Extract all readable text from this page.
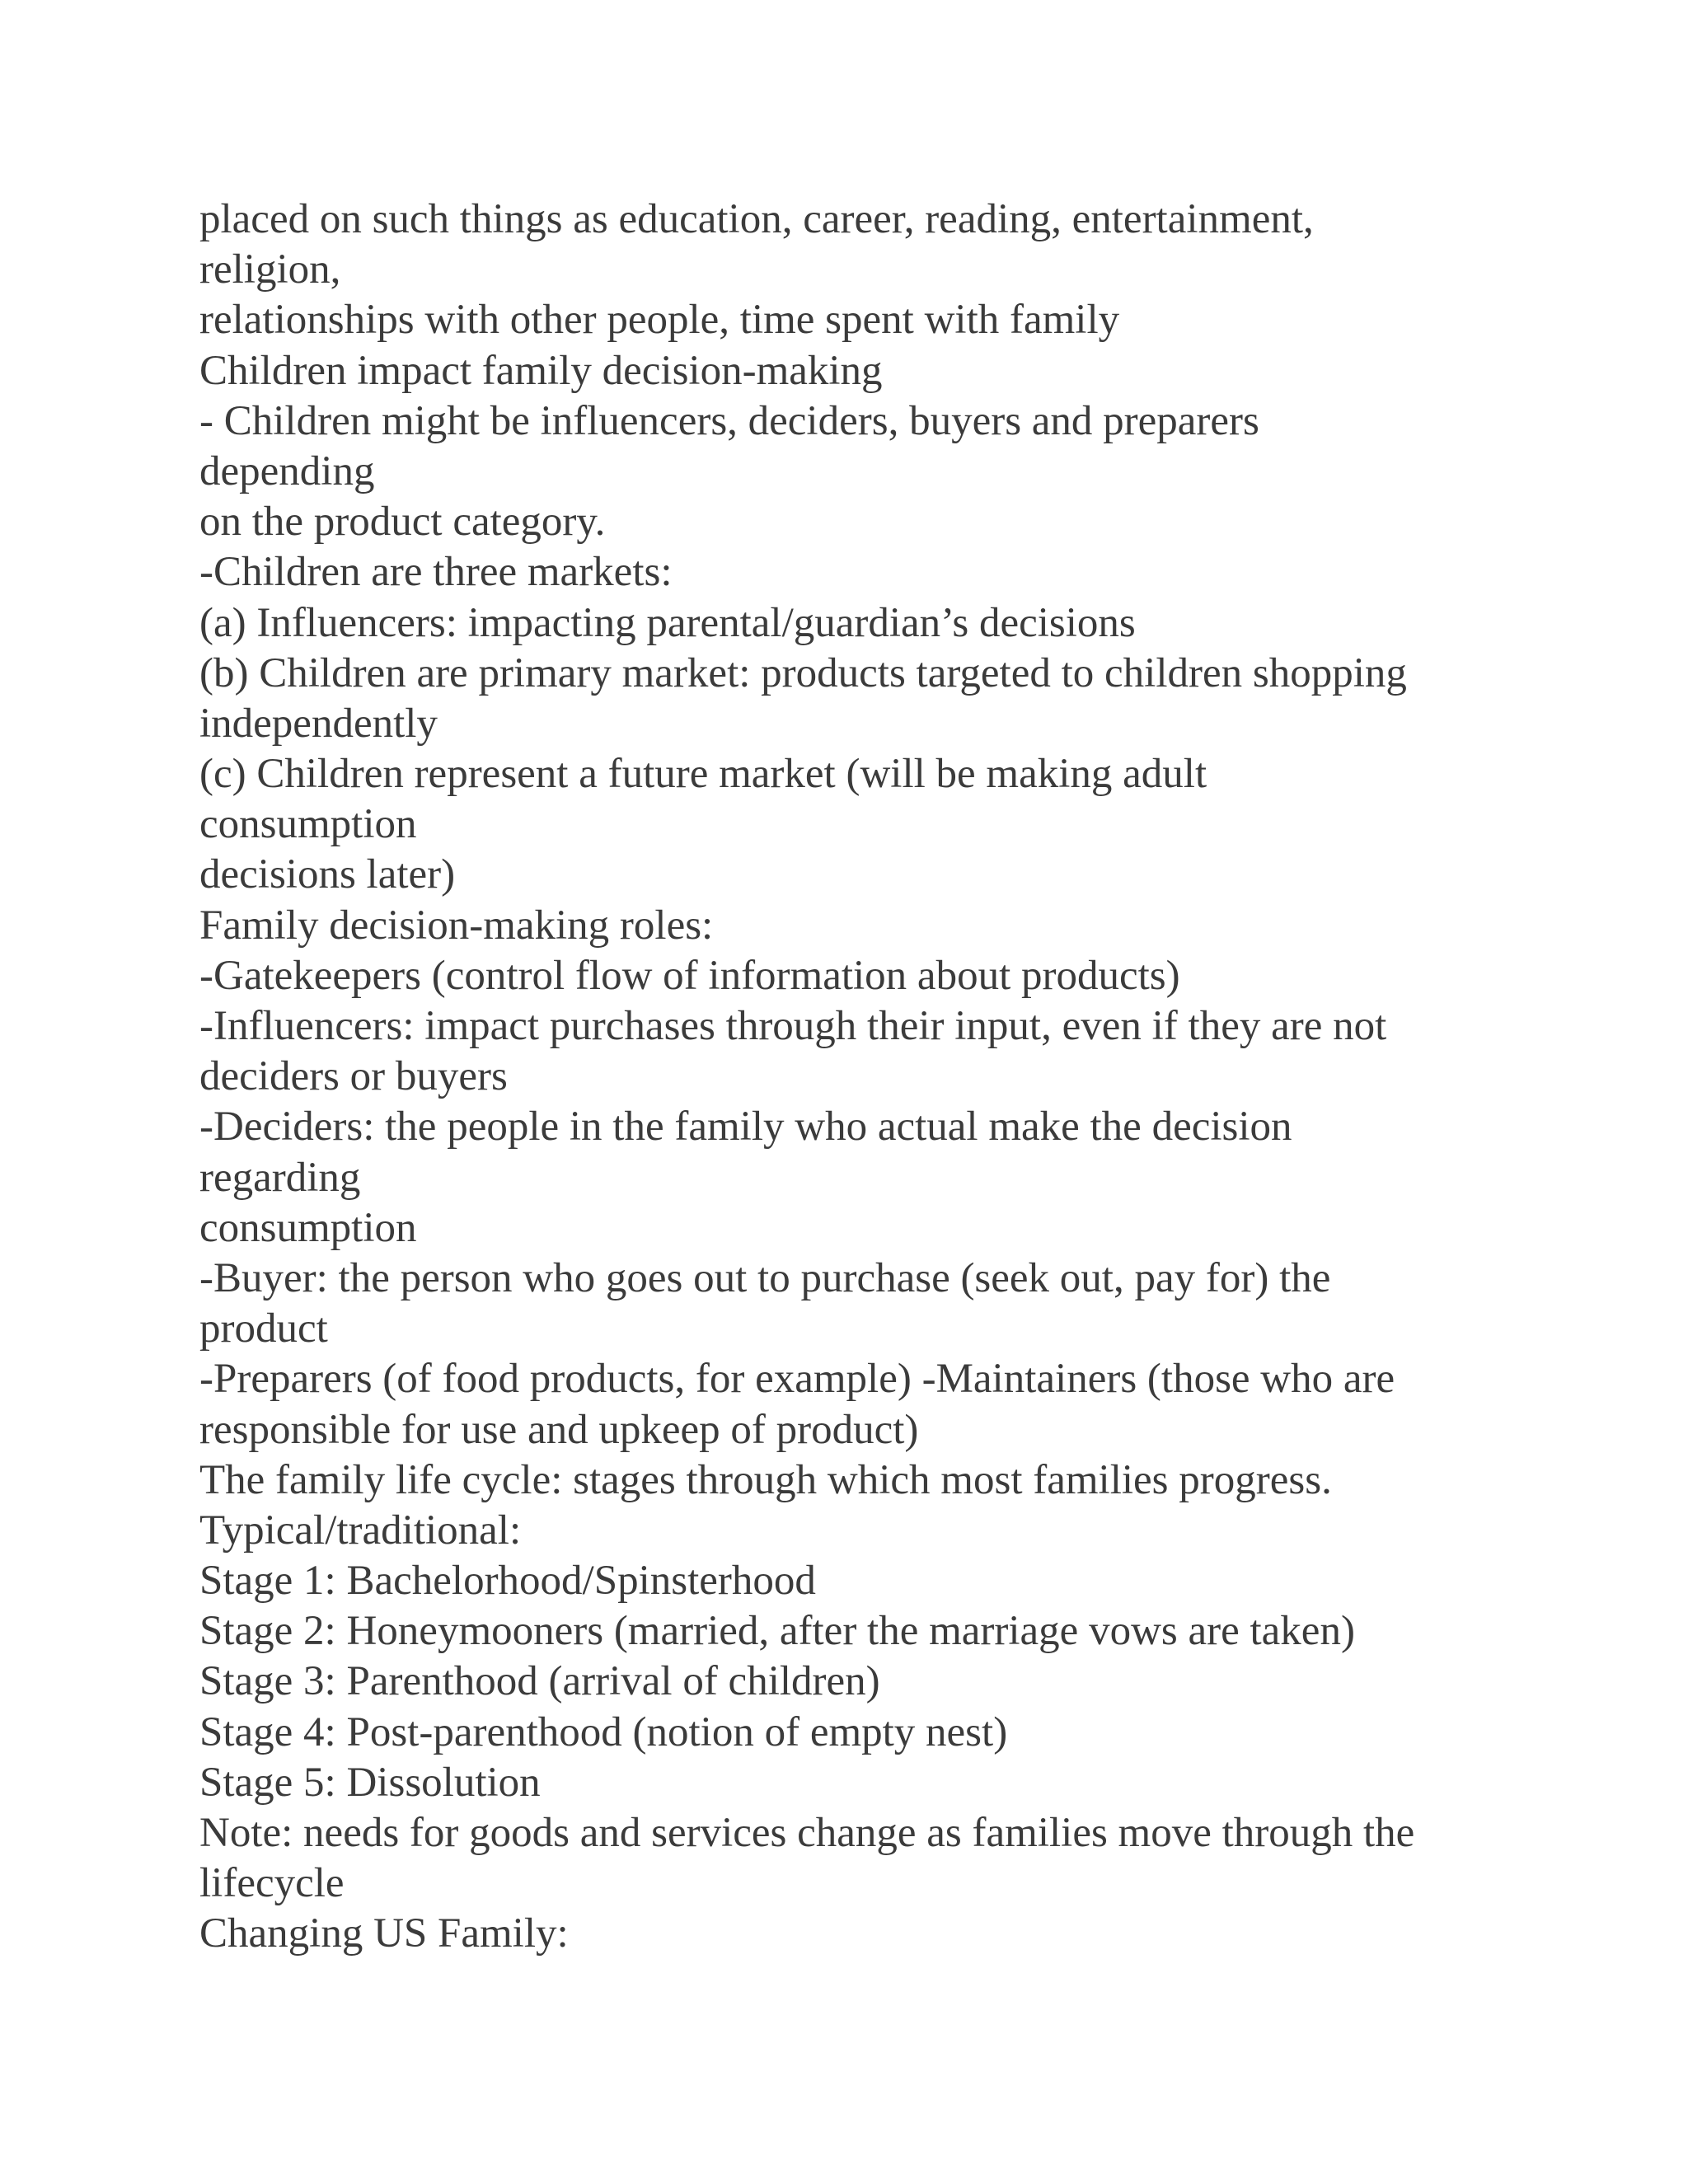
placed on such things as education, career, reading, entertainment,
religion,
relationships with other people, time spent with family
Children impact family decision-making
- Children might be influencers, deciders, buyers and preparers
depending
on the product category.
-Children are three markets:
(a) Influencers: impacting parental/guardian’s decisions
(b) Children are primary market: products targeted to children shopping
independently
(c) Children represent a future market (will be making adult
consumption
decisions later)
Family decision-making roles:
-Gatekeepers (control flow of information about products)
-Influencers: impact purchases through their input, even if they are not
deciders or buyers
-Deciders: the people in the family who actual make the decision
regarding
consumption
-Buyer: the person who goes out to purchase (seek out, pay for) the
product
-Preparers (of food products, for example) -Maintainers (those who are
responsible for use and upkeep of product)
The family life cycle: stages through which most families progress.
Typical/traditional:
Stage 1: Bachelorhood/Spinsterhood
Stage 2: Honeymooners (married, after the marriage vows are taken)
Stage 3: Parenthood (arrival of children)
Stage 4: Post-parenthood (notion of empty nest)
Stage 5: Dissolution
Note: needs for goods and services change as families move through the
lifecycle
Changing US Family:
